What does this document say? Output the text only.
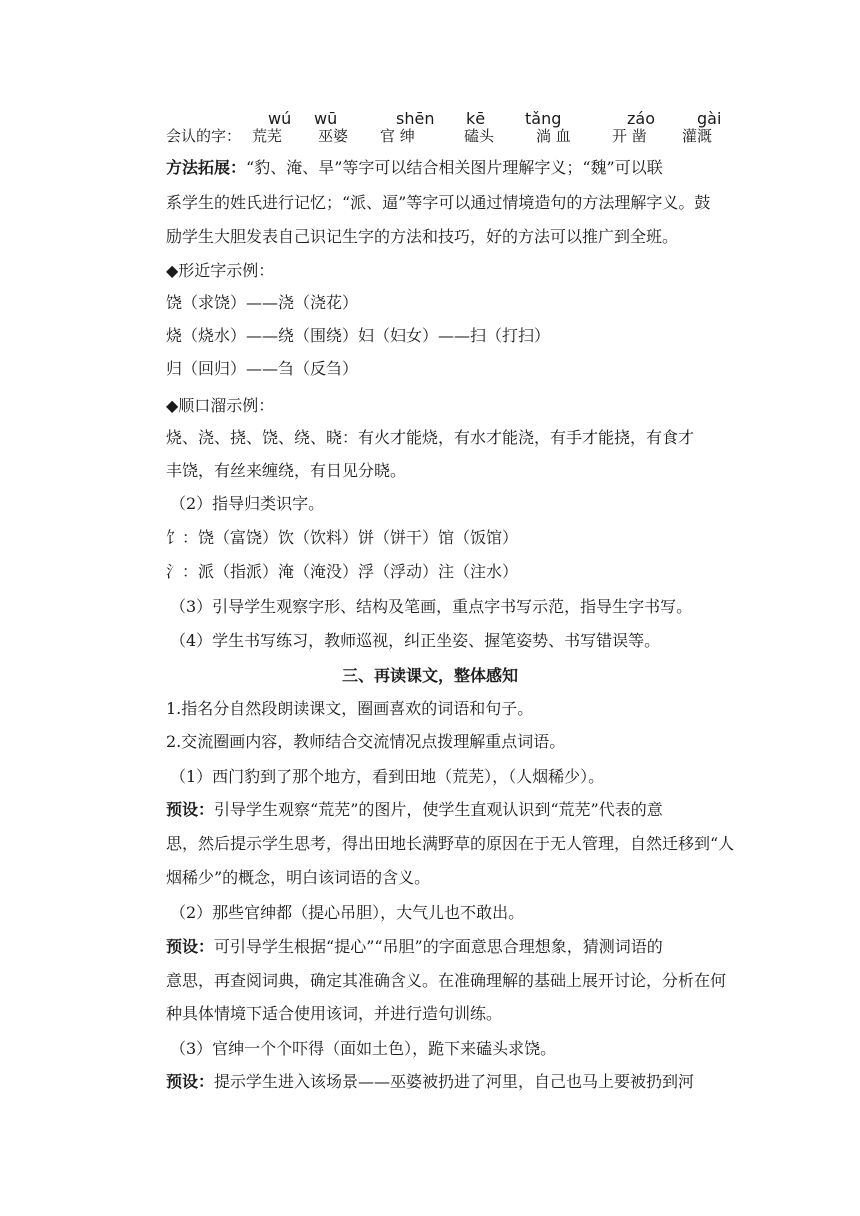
wú wū	shēn kē tǎng	záo	gài
会认的字： 荒芜 巫婆 官 绅	磕头	淌 血	开 凿 灌溉
方法拓展：“豹、淹、旱”等字可以结合相关图片理解字义；“魏”可以联
系学生的姓氏进行记忆；“派、逼”等字可以通过情境造句的方法理解字义。鼓
励学生大胆发表自己识记生字的方法和技巧，好的方法可以推广到全班。
◆形近字示例：
饶（求饶）——浇（浇花）
烧（烧水）——绕（围绕）妇（妇女）——扫（打扫）
归（回归）——刍（反刍）
◆顺口溜示例：
烧、浇、挠、饶、绕、晓：有火才能烧，有水才能浇，有手才能挠，有食才
丰饶，有丝来缠绕，有日见分晓。
（2）指导归类识字。
饣：饶（富饶）饮（饮料）饼（饼干）馆（饭馆）
氵：派（指派）淹（淹没）浮（浮动）注（注水）
（3）引导学生观察字形、结构及笔画，重点字书写示范，指导生字书写。
（4）学生书写练习，教师巡视，纠正坐姿、握笔姿势、书写错误等。
三、再读课文，整体感知
1.指名分自然段朗读课文，圈画喜欢的词语和句子。
2.交流圈画内容，教师结合交流情况点拨理解重点词语。
（1）西门豹到了那个地方，看到田地（荒芜），（人烟稀少）。
预设：引导学生观察“荒芜”的图片，使学生直观认识到“荒芜”代表的意
思，然后提示学生思考，得出田地长满野草的原因在于无人管理，自然迁移到“人
烟稀少”的概念，明白该词语的含义。
（2）那些官绅都（提心吊胆），大气儿也不敢出。
预设：可引导学生根据“提心”“吊胆”的字面意思合理想象，猜测词语的
意思，再查阅词典，确定其准确含义。在准确理解的基础上展开讨论，分析在何
种具体情境下适合使用该词，并进行造句训练。
（3）官绅一个个吓得（面如土色），跪下来磕头求饶。
预设：提示学生进入该场景——巫婆被扔进了河里，自己也马上要被扔到河
